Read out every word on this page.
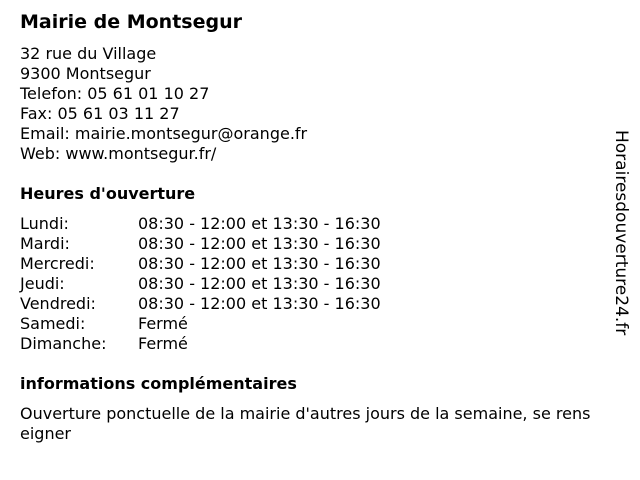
Mairie de Montsegur
32 rue du Village
9300 Montsegur
Telefon: 05 61 01 10 27
Fax: 05 61 03 11 27
Email: mairie.montsegur@orange.fr
Web: www.montsegur.fr/
Heures d'ouverture
Lundi:	08:30 - 12:00 et 13:30 - 16:30
Mardi:	08:30 - 12:00 et 13:30 - 16:30
Mercredi:	08:30 - 12:00 et 13:30 - 16:30
Jeudi:	08:30 - 12:00 et 13:30 - 16:30
Vendredi:	08:30 - 12:00 et 13:30 - 16:30
Samedi:	Fermé
Dimanche:	Fermé
informations complémentaires
Ouverture ponctuelle de la mairie d'autres jours de la semaine, se renseigner
Horairesdouverture24.fr
